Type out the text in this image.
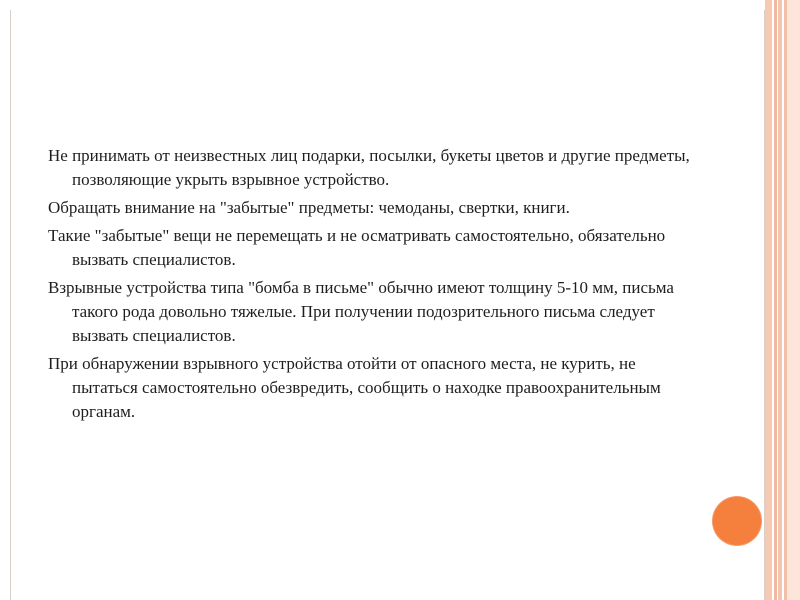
Не принимать от неизвестных лиц подарки, посылки, букеты цветов и другие предметы, позволяющие укрыть взрывное устройство.

Обращать внимание на "забытые" предметы: чемоданы, свертки, книги.

Такие "забытые" вещи не перемещать и не осматривать самостоятельно, обязательно вызвать специалистов.

Взрывные устройства типа "бомба в письме" обычно имеют толщину 5-10 мм, письма такого рода довольно тяжелые. При получении подозрительного письма следует вызвать специалистов.

При обнаружении взрывного устройства отойти от опасного места, не курить, не пытаться самостоятельно обезвредить, сообщить о находке правоохранительным органам.
